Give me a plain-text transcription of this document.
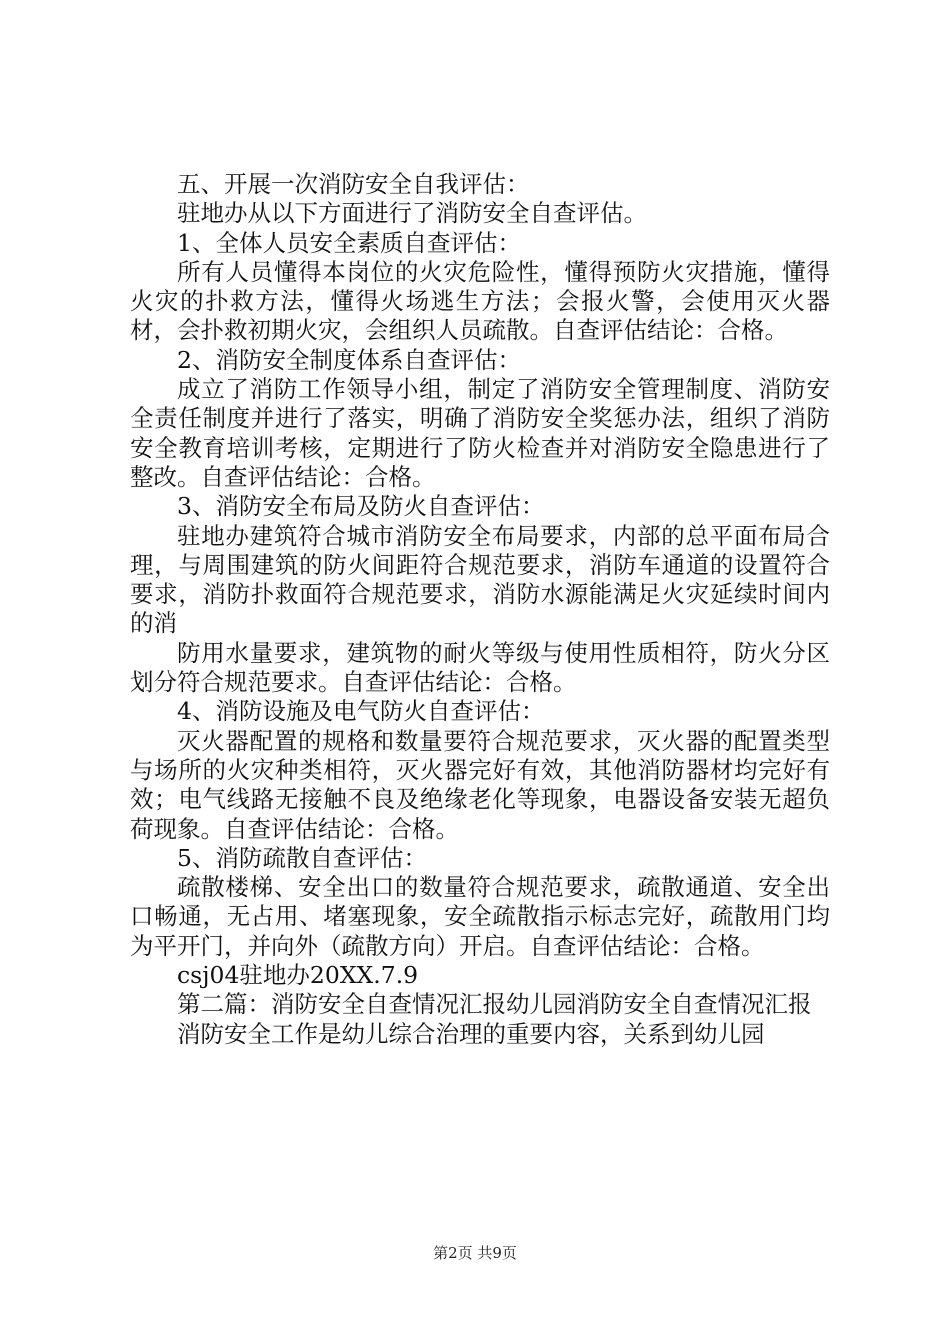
五、开展一次消防安全自我评估：

驻地办从以下方面进行了消防安全自查评估。

1、全体人员安全素质自查评估：

所有人员懂得本岗位的火灾危险性，懂得预防火灾措施，懂得火灾的扑救方法，懂得火场逃生方法；会报火警，会使用灭火器材，会扑救初期火灾，会组织人员疏散。自查评估结论：合格。

2、消防安全制度体系自查评估：

成立了消防工作领导小组，制定了消防安全管理制度、消防安全责任制度并进行了落实，明确了消防安全奖惩办法，组织了消防安全教育培训考核，定期进行了防火检查并对消防安全隐患进行了整改。自查评估结论：合格。

3、消防安全布局及防火自查评估：

驻地办建筑符合城市消防安全布局要求，内部的总平面布局合理，与周围建筑的防火间距符合规范要求，消防车通道的设置符合要求，消防扑救面符合规范要求，消防水源能满足火灾延续时间内的消

防用水量要求，建筑物的耐火等级与使用性质相符，防火分区划分符合规范要求。自查评估结论：合格。

4、消防设施及电气防火自查评估：

灭火器配置的规格和数量要符合规范要求，灭火器的配置类型与场所的火灾种类相符，灭火器完好有效，其他消防器材均完好有效；电气线路无接触不良及绝缘老化等现象，电器设备安装无超负荷现象。自查评估结论：合格。

5、消防疏散自查评估：

疏散楼梯、安全出口的数量符合规范要求，疏散通道、安全出口畅通，无占用、堵塞现象，安全疏散指示标志完好，疏散用门均为平开门，并向外（疏散方向）开启。自查评估结论：合格。

csj04驻地办20XX.7.9

第二篇：消防安全自查情况汇报幼儿园消防安全自查情况汇报

消防安全工作是幼儿综合治理的重要内容，关系到幼儿园

第2页 共9页
